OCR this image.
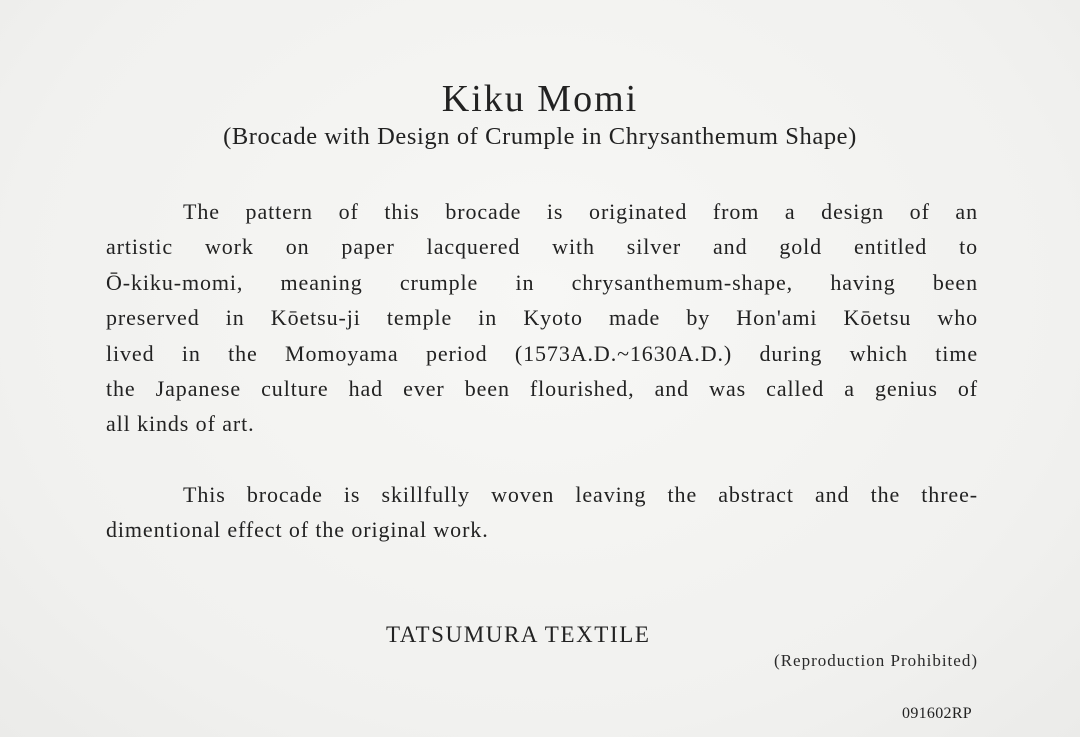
Kiku Momi
(Brocade with Design of Crumple in Chrysanthemum Shape)
The pattern of this brocade is originated from a design of an
artistic work on paper lacquered with silver and gold entitled to
Ō-kiku-momi, meaning crumple in chrysanthemum-shape, having been
preserved in Kōetsu-ji temple in Kyoto made by Hon'ami Kōetsu who
lived in the Momoyama period (1573A.D.~1630A.D.) during which time
the Japanese culture had ever been flourished, and was called a genius of
all kinds of art.
This brocade is skillfully woven leaving the abstract and the three-
dimentional effect of the original work.
TATSUMURA TEXTILE
(Reproduction Prohibited)
091602RP
